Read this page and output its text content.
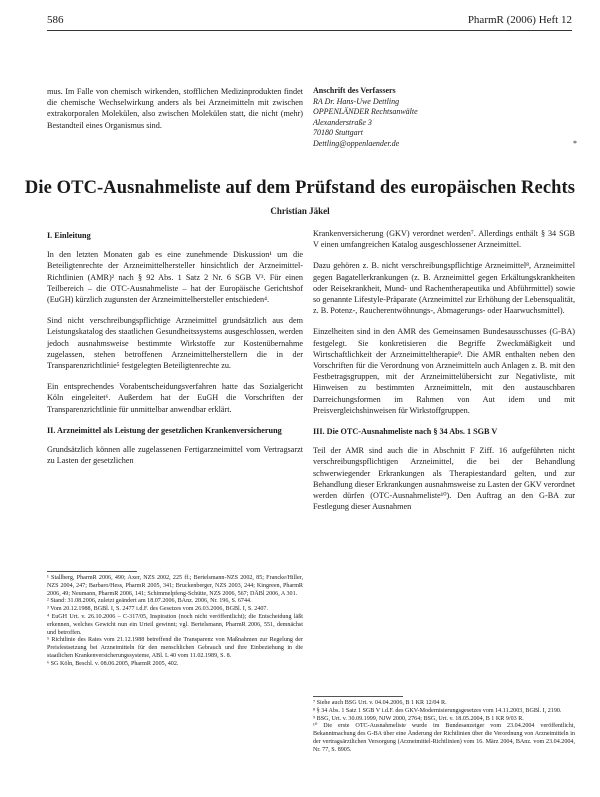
586	PharmR (2006) Heft 12

mus. Im Falle von chemisch wirkenden, stofflichen Medizinprodukten findet die chemische Wechselwirkung anders als bei Arzneimitteln mit zwischen extrakorporalen Molekülen, also zwischen Molekülen statt, die nicht (mehr) Bestandteil eines Organismus sind.

Anschrift des Verfassers
RA Dr. Hans-Uwe Dettling
OPPENLÄNDER Rechtsanwälte
Alexanderstraße 3
70180 Stuttgart
Dettling@oppenlaender.de	*
Die OTC-Ausnahmeliste auf dem Prüfstand des europäischen Rechts
Christian Jäkel
I. Einleitung

In den letzten Monaten gab es eine zunehmende Diskussion¹ um die Beteiligtenrechte der Arzneimittelhersteller hinsichtlich der Arzneimittel-Richtlinien (AMR)² nach § 92 Abs. 1 Satz 2 Nr. 6 SGB V³. Für einen Teilbereich – die OTC-Ausnahmeliste – hat der Europäische Gerichtshof (EuGH) kürzlich zugunsten der Arzneimittelhersteller entschieden⁴.

Sind nicht verschreibungspflichtige Arzneimittel grundsätzlich aus dem Leistungskatalog des staatlichen Gesundheitssystems ausgeschlossen, werden jedoch ausnahmsweise bestimmte Wirkstoffe zur Kostenübernahme zugelassen, stehen betroffenen Arzneimittelherstellern die in der Transparenzrichtlinie⁵ festgelegten Beteiligtenrechte zu.

Ein entsprechendes Vorabentscheidungsverfahren hatte das Sozialgericht Köln eingeleitet⁶. Außerdem hat der EuGH die Vorschriften der Transparenzrichtlinie für unmittelbar anwendbar erklärt.

II. Arzneimittel als Leistung der gesetzlichen Krankenversicherung

Grundsätzlich können alle zugelassenen Fertigarzneimittel vom Vertragsarzt zu Lasten der gesetzlichen

Krankenversicherung (GKV) verordnet werden⁷. Allerdings enthält § 34 SGB V einen umfangreichen Katalog ausgeschlossener Arzneimittel.

Dazu gehören z. B. nicht verschreibungspflichtige Arzneimittel⁸, Arzneimittel gegen Bagatellerkrankungen (z. B. Arzneimittel gegen Erkältungskrankheiten oder Reisekrankheit, Mund- und Rachentherapeutika und Abführmittel) sowie so genannte Lifestyle-Präparate (Arzneimittel zur Erhöhung der Lebensqualität, z. B. Potenz-, Raucherentwöhnungs-, Abmagerungs- oder Haarwuchsmittel).

Einzelheiten sind in den AMR des Gemeinsamen Bundesausschusses (G-BA) festgelegt. Sie konkretisieren die Begriffe Zweckmäßigkeit und Wirtschaftlichkeit der Arzneimitteltherapie⁹. Die AMR enthalten neben den Vorschriften für die Verordnung von Arzneimitteln auch Anlagen z. B. mit den Festbetragsgruppen, mit der Arzneimittelübersicht zur Negativliste, mit Hinweisen zu bestimmten Arzneimitteln, mit den austauschbaren Darreichungsformen im Rahmen von Aut idem und mit Preisvergleichshinweisen für Wirkstoffgruppen.

III. Die OTC-Ausnahmeliste nach § 34 Abs. 1 SGB V

Teil der AMR sind auch die in Abschnitt F Ziff. 16 aufgeführten nicht verschreibungspflichtigen Arzneimittel, die bei der Behandlung schwerwiegender Erkrankungen als Therapiestandard gelten, und zur Behandlung dieser Erkrankungen ausnahmsweise zu Lasten der GKV verordnet werden dürfen (OTC-Ausnahmeliste¹⁰). Den Auftrag an den G-BA zur Festlegung dieser Ausnahmen

¹ Stallberg, PharmR 2006, 490; Axer, NZS 2002, 225 ff.; Bertelsmann-NZS 2002, 85; Francke/Hiller, NZS 2004, 247; Barbaro/Hess, PharmR 2005, 341; Bruckenberger, NZS 2003, 244; Kingreen, PharmR 2006, 49; Neumann, PharmR 2006, 141; Schimmelpfeng-Schütte, NZS 2006, 567; DÄBl 2006, A 301.
² Stand: 31.08.2006, zuletzt geändert am 18.07.2006, BAnz. 2006, Nr. 196, S. 6744.
³ Vom 20.12.1988, BGBl. I, S. 2477 i.d.F. des Gesetzes vom 26.03.2006, BGBl. I, S. 2407.
⁴ EuGH Urt. v. 26.10.2006 – C-317/05, Inspiration (noch nicht veröffentlicht); die Entscheidung läßt erkennen, welches Gewicht nun ein Urteil gewinnt; vgl. Bertelsmann, PharmR 2006, 551, demnächst und betroffen.
⁵ Richtlinie des Rates vom 21.12.1988 betreffend die Transparenz von Maßnahmen zur Regelung der Preisfestsetzung bei Arzneimitteln für den menschlichen Gebrauch und ihre Einbeziehung in die staatlichen Krankenversicherungssysteme, ABl. L 40 vom 11.02.1989, S. 8.
⁶ SG Köln, Beschl. v. 08.06.2005, PharmR 2005, 402.
⁷ Siehe auch BSG Urt. v. 04.04.2006, B 1 KR 12/04 R.
⁸ § 34 Abs. 1 Satz 1 SGB V i.d.F. des GKV-Modernisierungsgesetzes vom 14.11.2003, BGBl. I, 2190.
⁹ BSG, Urt. v. 30.09.1999, NJW 2000, 2764; BSG, Urt. v. 18.05.2004, B 1 KR 9/03 R.
¹⁰ Die erste OTC-Ausnahmeliste wurde im Bundesanzeiger vom 23.04.2004 veröffentlicht, Bekanntmachung des G-BA über eine Änderung der Richtlinien über die Verordnung von Arzneimitteln in der vertragsärztlichen Versorgung (Arzneimittel-Richtlinien) vom 16. März 2004, BAnz. vom 23.04.2004, Nr. 77, S. 8905.
